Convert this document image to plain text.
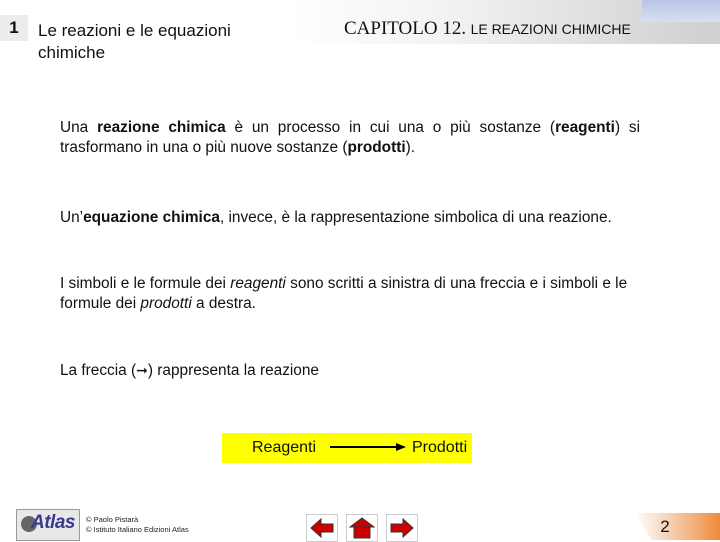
1	Le reazioni e le equazioni
chimiche
CAPITOLO 12. LE REAZIONI CHIMICHE
Una reazione chimica è un processo in cui una o più sostanze (reagenti) si trasformano in una o più nuove sostanze (prodotti).
Un’equazione chimica, invece, è la rappresentazione simbolica di una reazione.
I simboli e le formule dei reagenti sono scritti a sinistra di una freccia e i simboli e le formule dei prodotti a destra.
La freccia (➞) rappresenta la reazione
Reagenti	Prodotti
Atlas © Paolo Pistarà
© Istituto Italiano Edizioni Atlas	2
